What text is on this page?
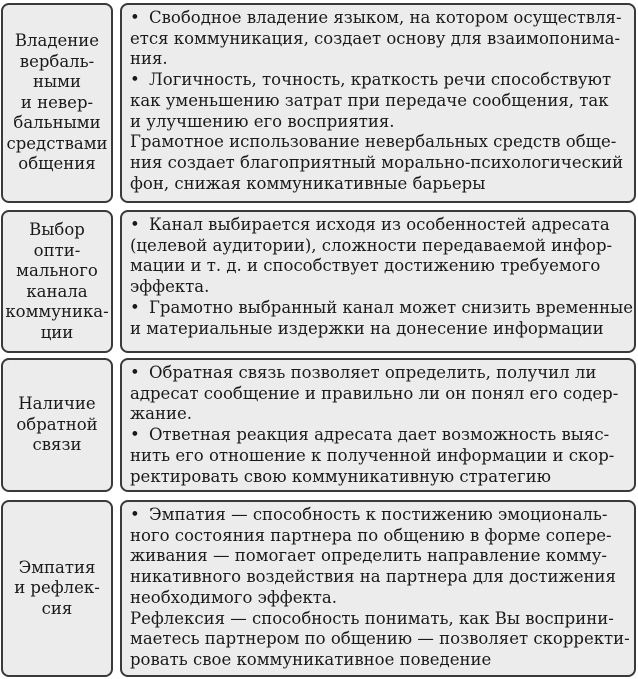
Владение
вербаль-
ными
и невер-
бальными
средствами
общения
• Свободное владение языком, на котором осуществля-
ется коммуникация, создает основу для взаимопонима-
ния.
• Логичность, точность, краткость речи способствуют
как уменьшению затрат при передаче сообщения, так
и улучшению его восприятия.
Грамотное использование невербальных средств обще-
ния создает благоприятный морально-психологический
фон, снижая коммуникативные барьеры
Выбор
опти-
мального
канала
коммуника-
ции
• Канал выбирается исходя из особенностей адресата
(целевой аудитории), сложности передаваемой инфор-
мации и т. д. и способствует достижению требуемого
эффекта.
• Грамотно выбранный канал может снизить временные
и материальные издержки на донесение информации
Наличие
обратной
связи
• Обратная связь позволяет определить, получил ли
адресат сообщение и правильно ли он понял его содер-
жание.
• Ответная реакция адресата дает возможность выяс-
нить его отношение к полученной информации и скор-
ректировать свою коммуникативную стратегию
Эмпатия
и рефлек-
сия
• Эмпатия — способность к постижению эмоциональ-
ного состояния партнера по общению в форме сопере-
живания — помогает определить направление комму-
никативного воздействия на партнера для достижения
необходимого эффекта.
Рефлексия — способность понимать, как Вы восприни-
маетесь партнером по общению — позволяет скорректи-
ровать свое коммуникативное поведение
